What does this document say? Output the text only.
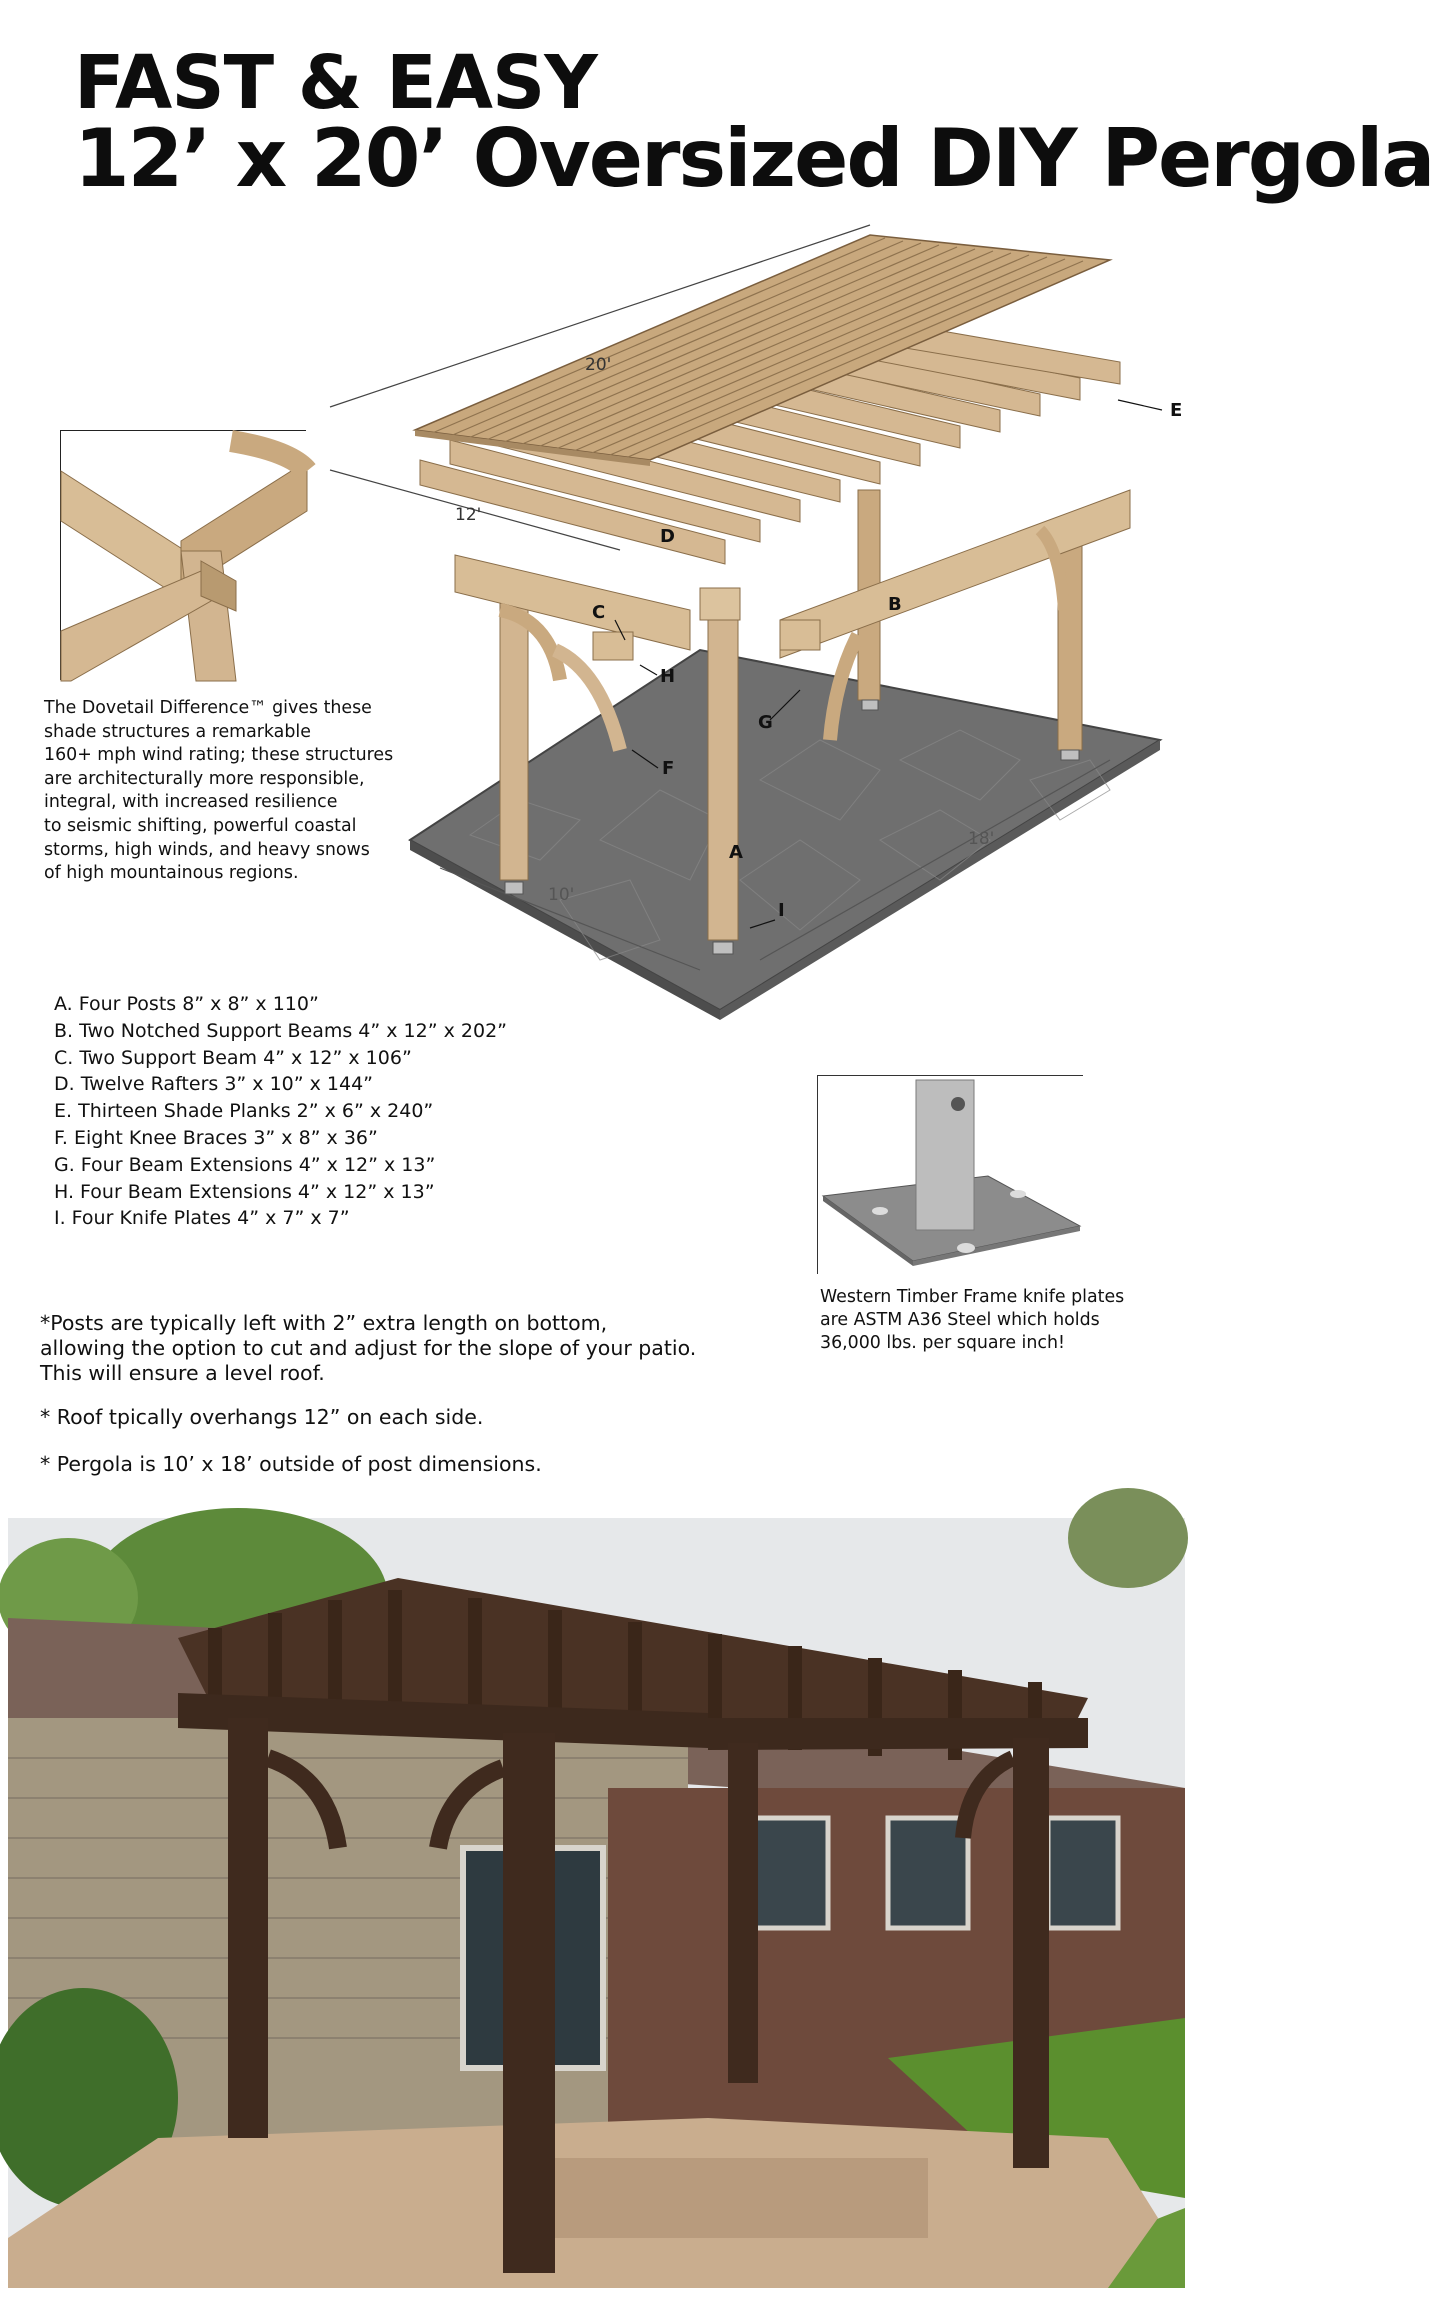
FAST & EASY
12’ x 20’ Oversized DIY Pergola
20'
12'
10'
18'
A
B
C
D
E
F
G
H
I
The Dovetail Difference™ gives these
shade structures a remarkable
160+ mph wind rating; these structures
are architecturally more responsible,
integral, with increased resilience
to seismic shifting, powerful coastal
storms, high winds, and heavy snows
of high mountainous regions.
A. Four Posts 8” x 8” x 110”
B. Two Notched Support Beams 4” x 12” x 202”
C. Two Support Beam 4” x 12” x 106”
D. Twelve Rafters 3” x 10” x 144”
E. Thirteen Shade Planks 2” x 6” x 240”
F. Eight Knee Braces 3” x 8” x 36”
G. Four Beam Extensions 4” x 12” x 13”
H. Four Beam Extensions 4” x 12” x 13”
I. Four Knife Plates 4” x 7” x 7”
Western Timber Frame knife plates
are ASTM A36 Steel which holds
36,000 lbs. per square inch!
*Posts are typically left with 2” extra length on bottom,
allowing the option to cut and adjust for the slope of your patio.
This will ensure a level roof.
* Roof tpically overhangs 12” on each side.
* Pergola is 10’ x 18’ outside of post dimensions.
